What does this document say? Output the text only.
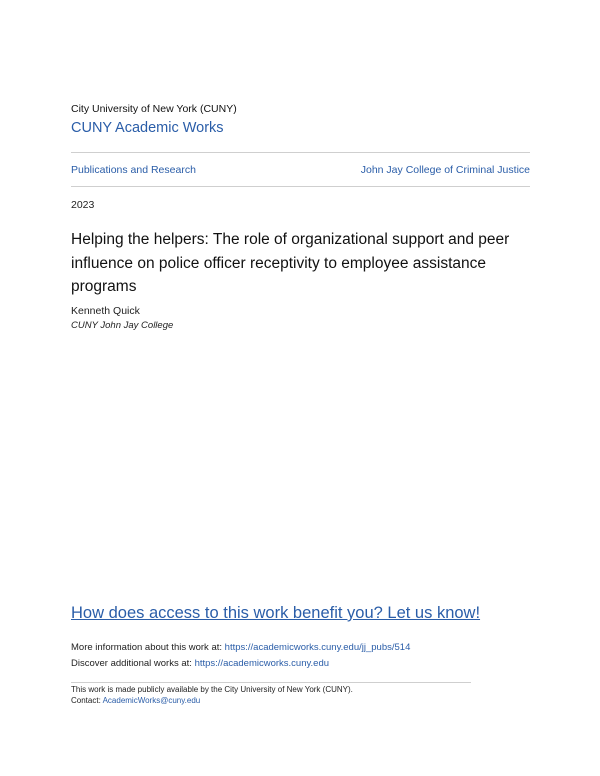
City University of New York (CUNY)
CUNY Academic Works
Publications and Research	John Jay College of Criminal Justice
2023
Helping the helpers: The role of organizational support and peer influence on police officer receptivity to employee assistance programs
Kenneth Quick
CUNY John Jay College
How does access to this work benefit you? Let us know!
More information about this work at: https://academicworks.cuny.edu/jj_pubs/514
Discover additional works at: https://academicworks.cuny.edu
This work is made publicly available by the City University of New York (CUNY).
Contact: AcademicWorks@cuny.edu
